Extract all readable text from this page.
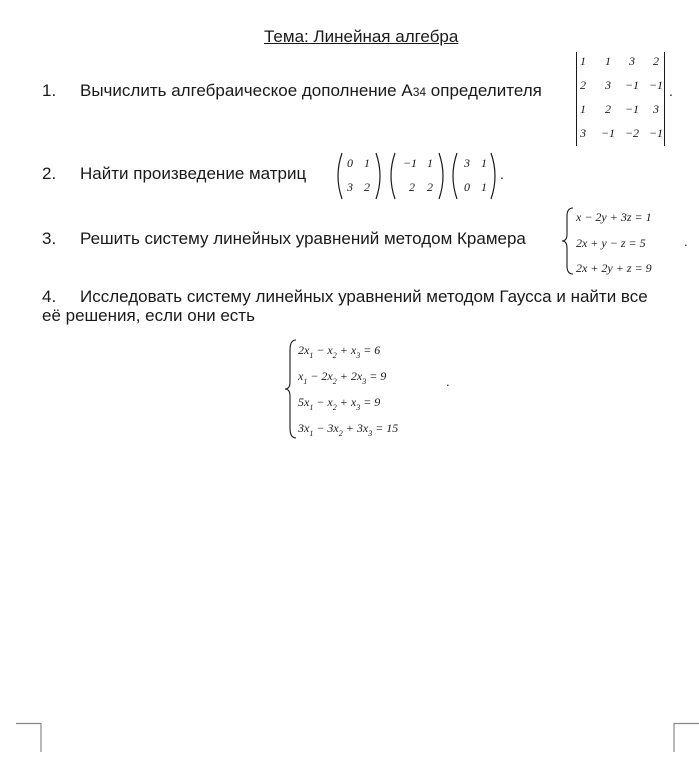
Тема: Линейная алгебра
1. Вычислить алгебраическое дополнение A34 определителя
1	1	3	2
2	3	−1 −1
1	2	−1	3
3	−1 −2 −1
.
2. Найти произведение матриц
0 1
3 2
−1 1
2	2
3 1
0 1
.
3. Решить систему линейных уравнений методом Крамера
x − 2y + 3z = 1
2x + y − z = 5
2x + 2y + z = 9
.
4. Исследовать систему линейных уравнений методом Гаусса и найти все
её решения, если они есть
$2x_1 - x_2 + x_3 = 6$
$x_1 - 2x_2 + 2x_3 = 9$
$5x_1 - x_2 + x_3 = 9$
$3x_1 - 3x_2 + 3x_3 = 15$
.
